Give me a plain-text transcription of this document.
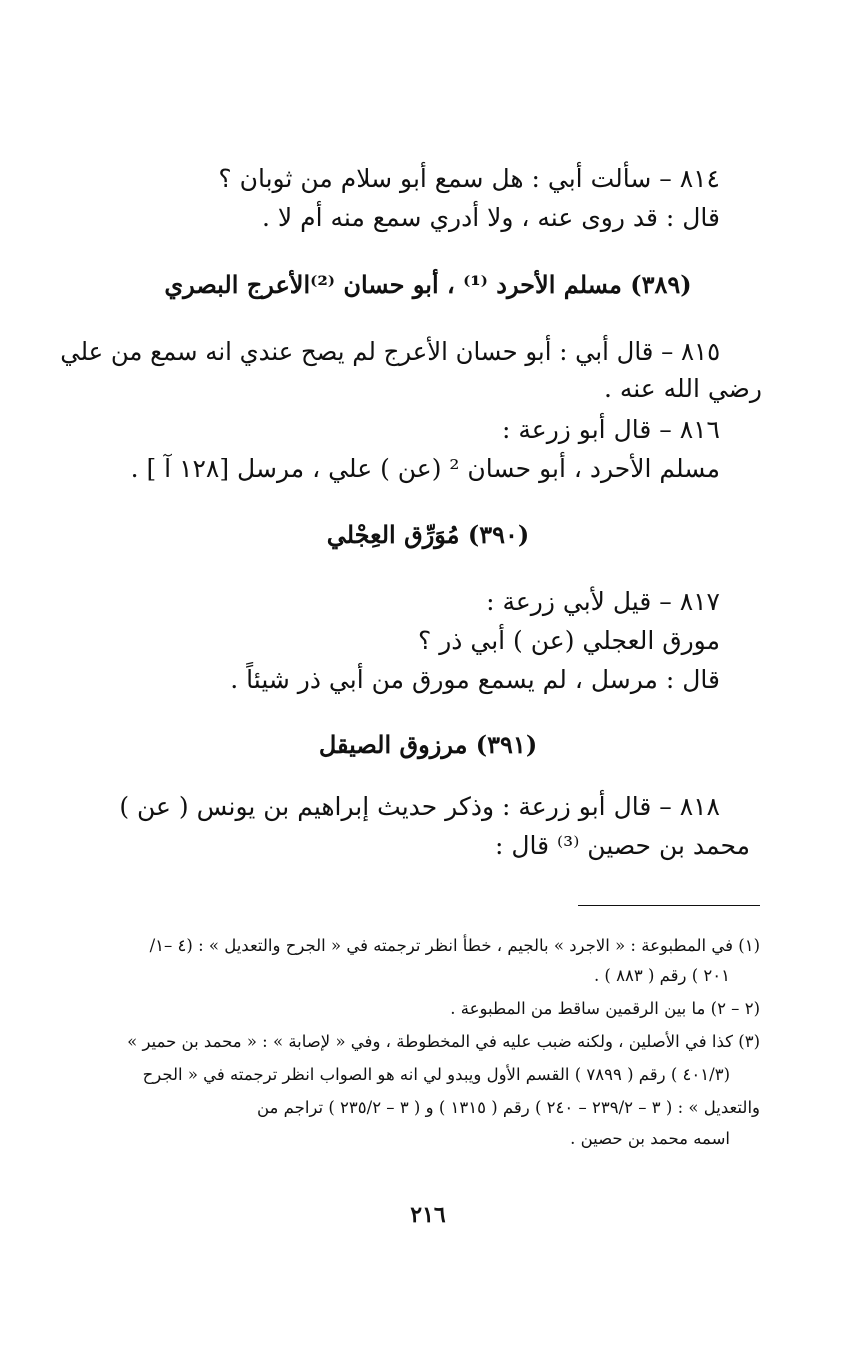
٨١٤ – سألت أبي : هل سمع أبو سلام من ثوبان ؟
قال : قد روى عنه ، ولا أدري سمع منه أم لا .
(٣٨٩) مسلم الأحرد ⁽¹⁾ ، أبو حسان ⁽²⁾الأعرج البصري
٨١٥ – قال أبي : أبو حسان الأعرج لم يصح عندي انه سمع من علي
رضي الله عنه .
٨١٦ – قال أبو زرعة :
مسلم الأحرد ، أبو حسان ² (عن ) علي ، مرسل [١٢٨ آ ] .
(٣٩٠) مُوَرِّق العِجْلي
٨١٧ – قيل لأبي زرعة :
مورق العجلي (عن ) أبي ذر ؟
قال : مرسل ، لم يسمع مورق من أبي ذر شيئاً .
(٣٩١) مرزوق الصيقل
٨١٨ – قال أبو زرعة : وذكر حديث إبراهيم بن يونس ( عن )
محمد بن حصين ⁽³⁾ قال :
(١) في المطبوعة : « الاجرد » بالجيم ، خطأ انظر ترجمته في « الجرح والتعديل » : (٤ –١/
٢٠١ ) رقم ( ٨٨٣ ) .
(٢ – ٢) ما بين الرقمين ساقط من المطبوعة .
(٣) كذا في الأصلين ، ولكنه ضبب عليه في المخطوطة ، وفي « لإصابة » : « محمد بن حمير »
(٤٠١/٣ ) رقم ( ٧٨٩٩ ) القسم الأول ويبدو لي انه هو الصواب انظر ترجمته في « الجرح
والتعديل » : ( ٣ – ٢٣٩/٢ – ٢٤٠ ) رقم ( ١٣١٥ ) و ( ٣ – ٢٣٥/٢ ) تراجم من
اسمه محمد بن حصين .
٢١٦
